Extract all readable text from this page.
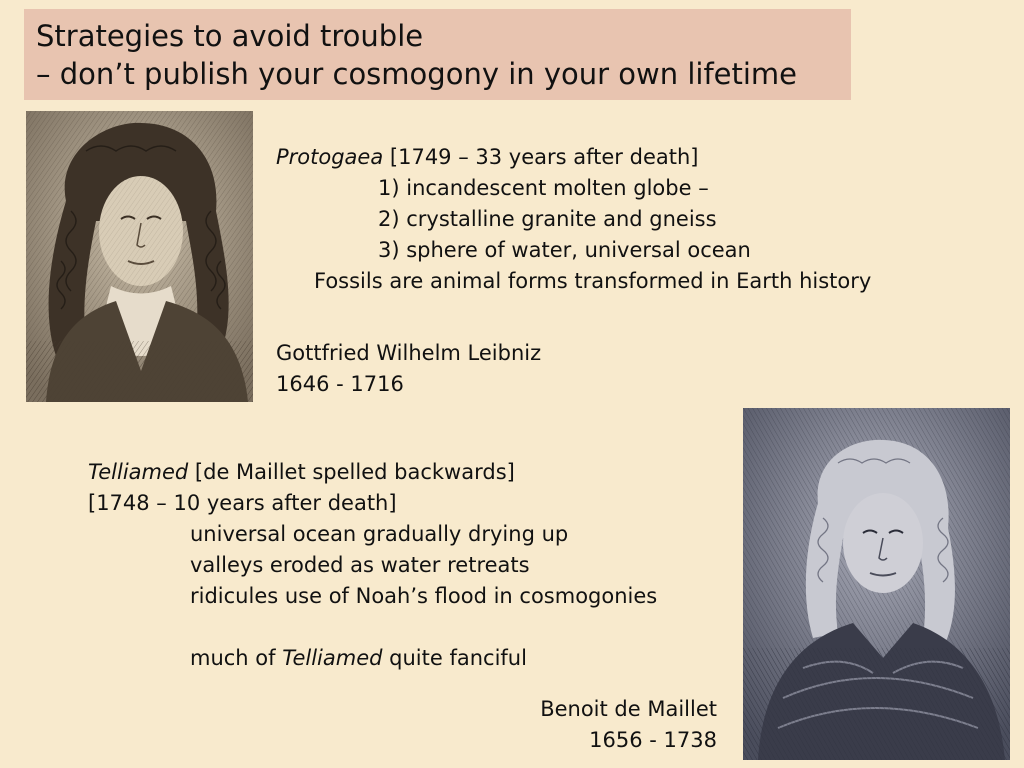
Strategies to avoid trouble
– don’t publish your cosmogony in your own lifetime
Protogaea [1749 – 33 years after death]
1) incandescent molten globe –
2) crystalline granite and gneiss
3) sphere of water, universal ocean
Fossils are animal forms transformed in Earth history
Gottfried Wilhelm Leibniz
1646 - 1716
Telliamed [de Maillet spelled backwards]
[1748 – 10 years after death]
universal ocean gradually drying up
valleys eroded as water retreats
ridicules use of Noah’s flood in cosmogonies
much of Telliamed quite fanciful
Benoit de Maillet
1656 - 1738
